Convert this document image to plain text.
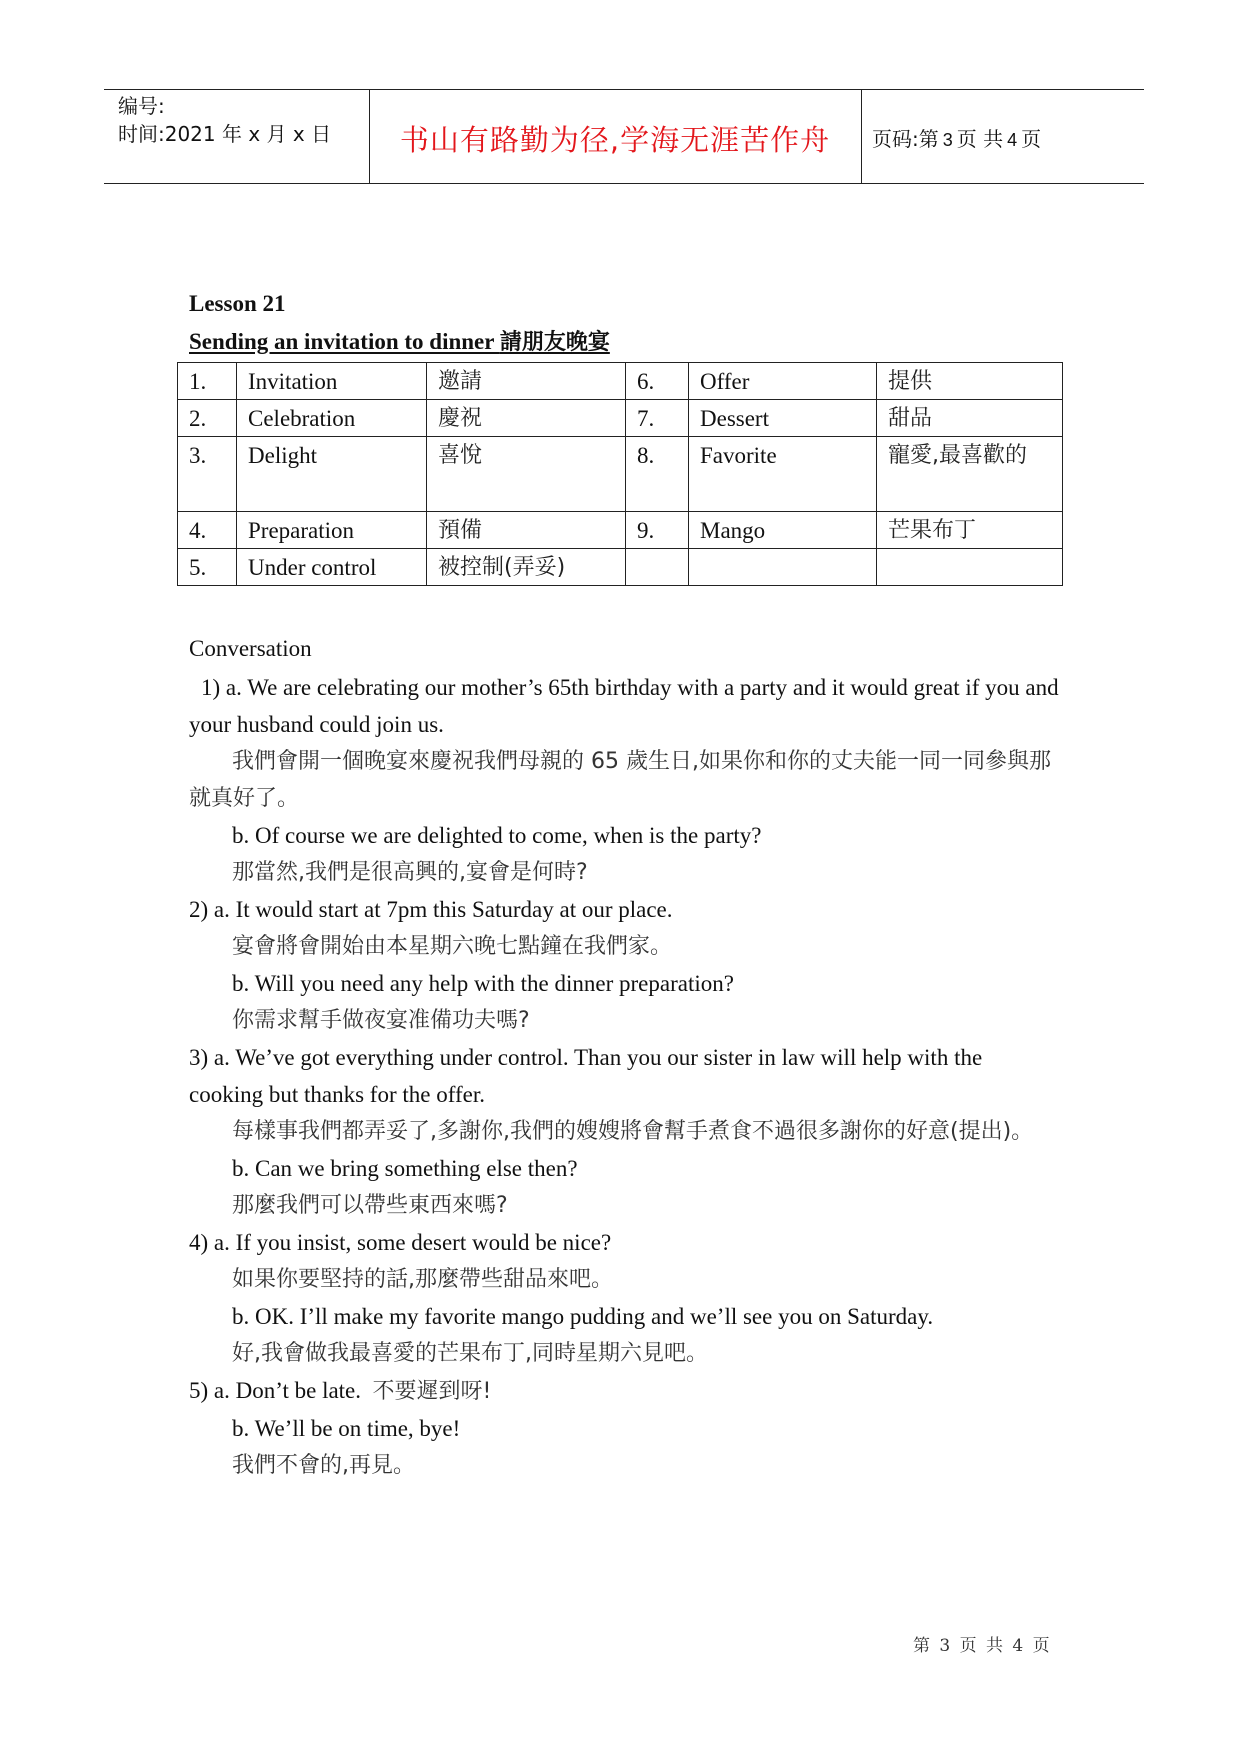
编号:
时间:2021 年 x 月 x 日	书山有路勤为径,学海无涯苦作舟	页码:第 3 页 共 4 页
Lesson 21
Sending an invitation to dinner 請朋友晚宴
1.	Invitation	邀請	6.	Offer	提供
2.	Celebration	慶祝	7.	Dessert	甜品
3.	Delight	喜悅	8.	Favorite	寵愛,最喜歡的
4.	Preparation	預備	9.	Mango	芒果布丁
5.	Under control	被控制(弄妥)			

Conversation

1) a. We are celebrating our mother’s 65th birthday with a party and it would great if you and your husband could join us.

我們會開一個晚宴來慶祝我們母親的 65 歲生日,如果你和你的丈夫能一同一同參與那就真好了。

b. Of course we are delighted to come, when is the party?

那當然,我們是很高興的,宴會是何時?

2) a. It would start at 7pm this Saturday at our place.

宴會將會開始由本星期六晚七點鐘在我們家。

b. Will you need any help with the dinner preparation?

你需求幫手做夜宴准備功夫嗎?

3) a. We’ve got everything under control. Than you our sister in law will help with the cooking but thanks for the offer.

每樣事我們都弄妥了,多謝你,我們的嫂嫂將會幫手煮食不過很多謝你的好意(提出)。

b. Can we bring something else then?

那麼我們可以帶些東西來嗎?

4) a. If you insist, some desert would be nice?

如果你要堅持的話,那麼帶些甜品來吧。

b. OK. I’ll make my favorite mango pudding and we’ll see you on Saturday.

好,我會做我最喜愛的芒果布丁,同時星期六見吧。

5) a. Don’t be late. 不要遲到呀!

b. We’ll be on time, bye!

我們不會的,再見。

第 3 页 共 4 页
